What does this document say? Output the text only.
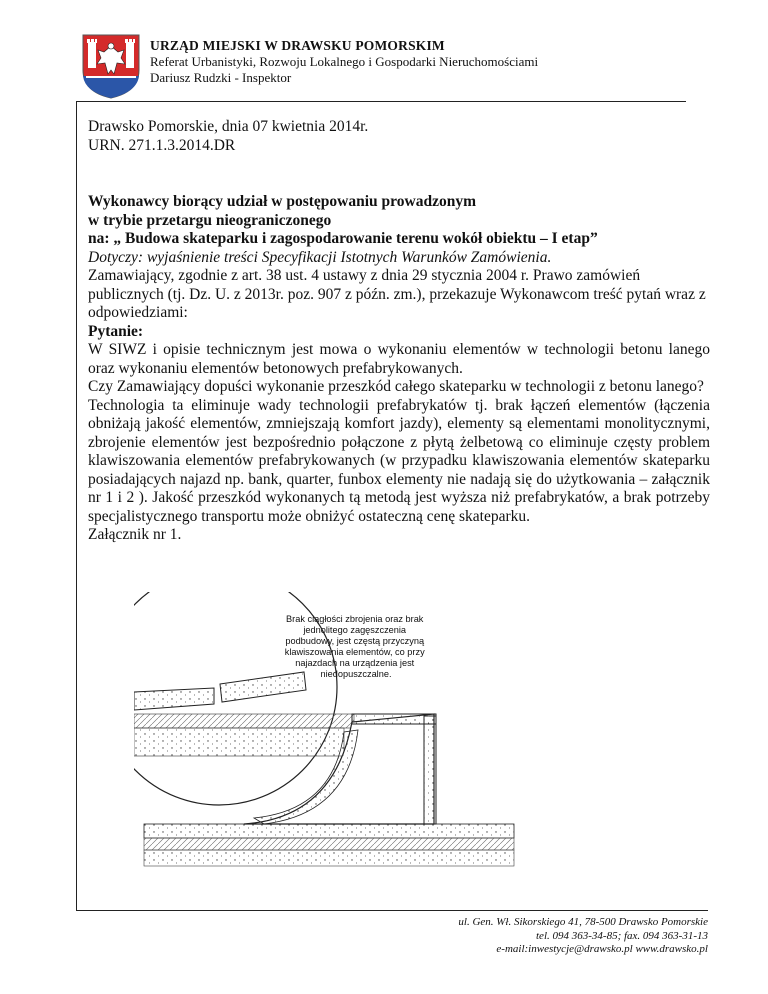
URZĄD MIEJSKI W DRAWSKU POMORSKIM
Referat Urbanistyki, Rozwoju Lokalnego i Gospodarki Nieruchomościami
Dariusz Rudzki - Inspektor

Drawsko Pomorskie, dnia 07 kwietnia 2014r.

URN. 271.1.3.2014.DR

Wykonawcy biorący udział w postępowaniu prowadzonym
w trybie przetargu nieograniczonego
na: „ Budowa skateparku i zagospodarowanie terenu wokół obiektu – I etap”

Dotyczy: wyjaśnienie treści Specyfikacji Istotnych Warunków Zamówienia.

Zamawiający, zgodnie z art. 38 ust. 4 ustawy z dnia 29 stycznia 2004 r. Prawo zamówień publicznych (tj. Dz. U. z 2013r. poz. 907 z późn. zm.), przekazuje Wykonawcom treść pytań wraz z odpowiedziami:

Pytanie:

W SIWZ i opisie technicznym jest mowa o wykonaniu elementów w technologii betonu lanego oraz wykonaniu elementów betonowych prefabrykowanych.

Czy Zamawiający dopuści wykonanie przeszkód całego skateparku w technologii z betonu lanego?

Technologia ta eliminuje wady technologii prefabrykatów tj. brak łączeń elementów (łączenia obniżają jakość elementów, zmniejszają komfort jazdy), elementy są elementami monolitycznymi, zbrojenie elementów jest bezpośrednio połączone z płytą żelbetową co eliminuje częsty problem klawiszowania elementów prefabrykowanych (w przypadku klawiszowania elementów skateparku posiadających najazd np. bank, quarter, funbox elementy nie nadają się do użytkowania – załącznik nr 1 i 2 ). Jakość przeszkód wykonanych tą metodą jest wyższa niż prefabrykatów, a brak potrzeby specjalistycznego transportu może obniżyć ostateczną cenę skateparku.

Załącznik nr 1.

Brak ciągłości zbrojenia oraz brak jednolitego zagęszczenia podbudowy, jest częstą przyczyną klawiszowania elementów, co przy najazdach na urządzenia jest niedopuszczalne.
ul. Gen. Wł. Sikorskiego 41, 78-500 Drawsko Pomorskie
tel. 094 363-34-85; fax. 094 363-31-13
e-mail:inwestycje@drawsko.pl www.drawsko.pl
